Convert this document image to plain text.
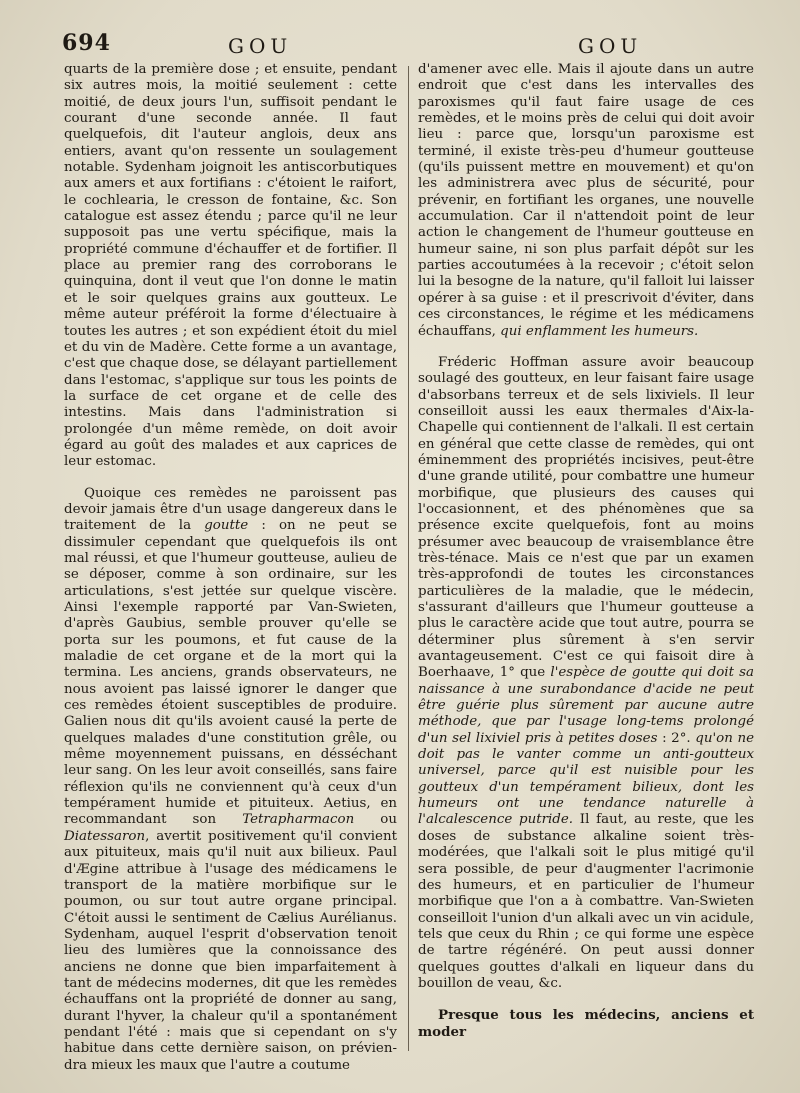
694	GOU	GOU

quarts de la première dose ; et ensuite, pendant six autres mois, la moitié seulement : cette moitié, de deux jours l'un, suffisoit pendant le courant d'une seconde année. Il faut quelquefois, dit l'auteur anglois, deux ans entiers, avant qu'on ressente un soulagement notable. Sydenham joignoit les antiscorbutiques aux amers et aux fortifians : c'étoient le raifort, le cochlearia, le cresson de fontaine, &c. Son catalogue est assez étendu ; parce qu'il ne leur supposoit pas une vertu spécifique, mais la propriété commune d'échauffer et de fortifier. Il place au premier rang des corroborans le quinquina, dont il veut que l'on donne le matin et le soir quelques grains aux goutteux. Le même auteur préféroit la forme d'électuaire à toutes les autres ; et son expédient étoit du miel et du vin de Madère. Cette forme a un avantage, c'est que chaque dose, se délayant partiellement dans l'estomac, s'applique sur tous les points de la surface de cet organe et de celle des intestins. Mais dans l'administration si prolongée d'un même remède, on doit avoir égard au goût des malades et aux caprices de leur estomac.

Quoique ces remèdes ne paroissent pas devoir jamais être d'un usage dangereux dans le traitement de la goutte : on ne peut se dissimuler cependant que quelquefois ils ont mal réussi, et que l'humeur goutteuse, aulieu de se déposer, comme à son ordinaire, sur les articulations, s'est jettée sur quelque viscère. Ainsi l'exemple rapporté par Van-Swieten, d'après Gaubius, semble prouver qu'elle se porta sur les poumons, et fut cause de la maladie de cet organe et de la mort qui la termina. Les anciens, grands observateurs, ne nous avoient pas laissé ignorer le danger que ces remèdes étoient susceptibles de produire. Galien nous dit qu'ils avoient causé la perte de quelques malades d'une constitution grêle, ou même moyennement puissans, en désséchant leur sang. On les leur avoit conseillés, sans faire réflexion qu'ils ne conviennent qu'à ceux d'un tempérament humide et pituiteux. Aetius, en recommandant son Tetrapharmacon ou Diatessaron, avertit positivement qu'il convient aux pituiteux, mais qu'il nuit aux bilieux. Paul d'Ægine attribue à l'usage des médicamens le transport de la matière morbifique sur le poumon, ou sur tout autre organe principal. C'étoit aussi le sentiment de Cælius Aurélianus. Sydenham, auquel l'esprit d'observation tenoit lieu des lumières que la connoissance des anciens ne donne que bien imparfaitement à tant de médecins modernes, dit que les remèdes échauffans ont la propriété de donner au sang, durant l'hyver, la chaleur qu'il a spontanément pendant l'été : mais que si cependant on s'y habitue dans cette dernière saison, on préviendra mieux les maux que l'autre a coutume

d'amener avec elle. Mais il ajoute dans un autre endroit que c'est dans les intervalles des paroxismes qu'il faut faire usage de ces remèdes, et le moins près de celui qui doit avoir lieu : parce que, lorsqu'un paroxisme est terminé, il existe très-peu d'humeur goutteuse (qu'ils puissent mettre en mouvement) et qu'on les administrera avec plus de sécurité, pour prévenir, en fortifiant les organes, une nouvelle accumulation. Car il n'attendoit point de leur action le changement de l'humeur goutteuse en humeur saine, ni son plus parfait dépôt sur les parties accoutumées à la recevoir ; c'étoit selon lui la besogne de la nature, qu'il falloit lui laisser opérer à sa guise : et il prescrivoit d'éviter, dans ces circonstances, le régime et les médicamens échauffans, qui enflamment les humeurs.

Fréderic Hoffman assure avoir beaucoup soulagé des goutteux, en leur faisant faire usage d'absorbans terreux et de sels lixiviels. Il leur conseilloit aussi les eaux thermales d'Aix-la-Chapelle qui contiennent de l'alkali. Il est certain en général que cette classe de remèdes, qui ont éminemment des propriétés incisives, peut-être d'une grande utilité, pour combattre une humeur morbifique, que plusieurs des causes qui l'occasionnent, et des phénomènes que sa présence excite quelquefois, font au moins présumer avec beaucoup de vraisemblance être très-ténace. Mais ce n'est que par un examen très-approfondi de toutes les circonstances particulières de la maladie, que le médecin, s'assurant d'ailleurs que l'humeur goutteuse a plus le caractère acide que tout autre, pourra se déterminer plus sûrement à s'en servir avantageusement. C'est ce qui faisoit dire à Boerhaave, 1° que l'espèce de goutte qui doit sa naissance à une surabondance d'acide ne peut être guérie plus sûrement par aucune autre méthode, que par l'usage long-tems prolongé d'un sel lixiviel pris à petites doses : 2°. qu'on ne doit pas le vanter comme un anti-goutteux universel, parce qu'il est nuisible pour les goutteux d'un tempérament bilieux, dont les humeurs ont une tendance naturelle à l'alcalescence putride. Il faut, au reste, que les doses de substance alkaline soient très-modérées, que l'alkali soit le plus mitigé qu'il sera possible, de peur d'augmenter l'acrimonie des humeurs, et en particulier de l'humeur morbifique que l'on a à combattre. Van-Swieten conseilloit l'union d'un alkali avec un vin acidule, tels que ceux du Rhin ; ce qui forme une espèce de tartre régénéré. On peut aussi donner quelques gouttes d'alkali en liqueur dans du bouillon de veau, &c.

Presque tous les médecins, anciens et moder
